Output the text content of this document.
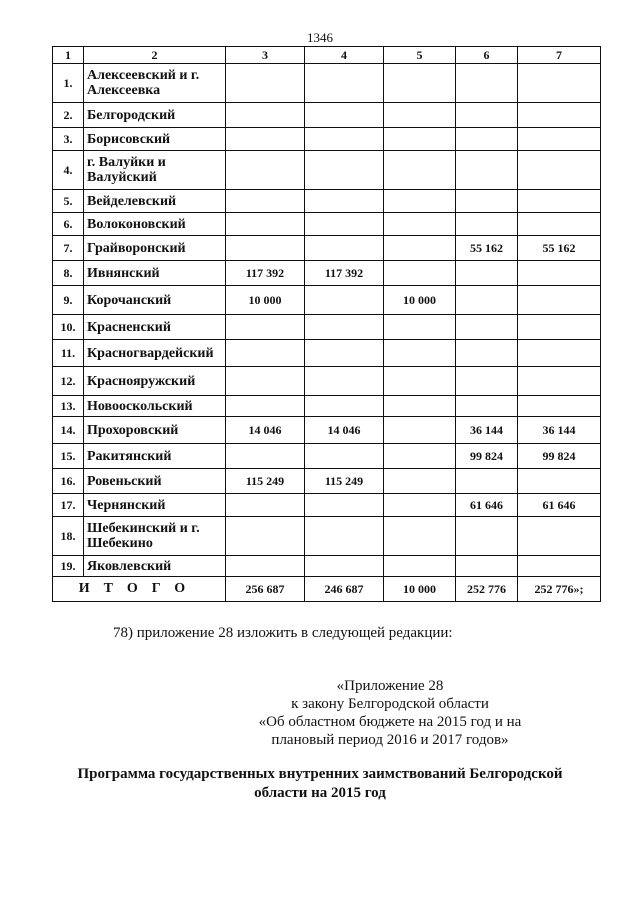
1346
1	2	3	4	5	6	7
1.	Алексеевский и г. Алексеевка					
2.	Белгородский					
3.	Борисовский					
4.	г. Валуйки и Валуйский					
5.	Вейделевский					
6.	Волоконовский					
7.	Грайворонский				55 162	55 162
8.	Ивнянский	117 392	117 392			
9.	Корочанский	10 000		10 000		
10.	Красненский					
11.	Красногвардейский					
12.	Краснояружский					
13.	Новооскольский					
14.	Прохоровский	14 046	14 046		36 144	36 144
15.	Ракитянский				99 824	99 824
16.	Ровеньский	115 249	115 249			
17.	Чернянский				61 646	61 646
18.	Шебекинский и г. Шебекино					
19.	Яковлевский					
ИТОГО		256 687	246 687	10 000	252 776	252 776»;
78) приложение 28 изложить в следующей редакции:
«Приложение 28
к закону Белгородской области
«Об областном бюджете на 2015 год и на
плановый период 2016 и 2017 годов»
Программа государственных внутренних заимствований Белгородской
области на 2015 год
